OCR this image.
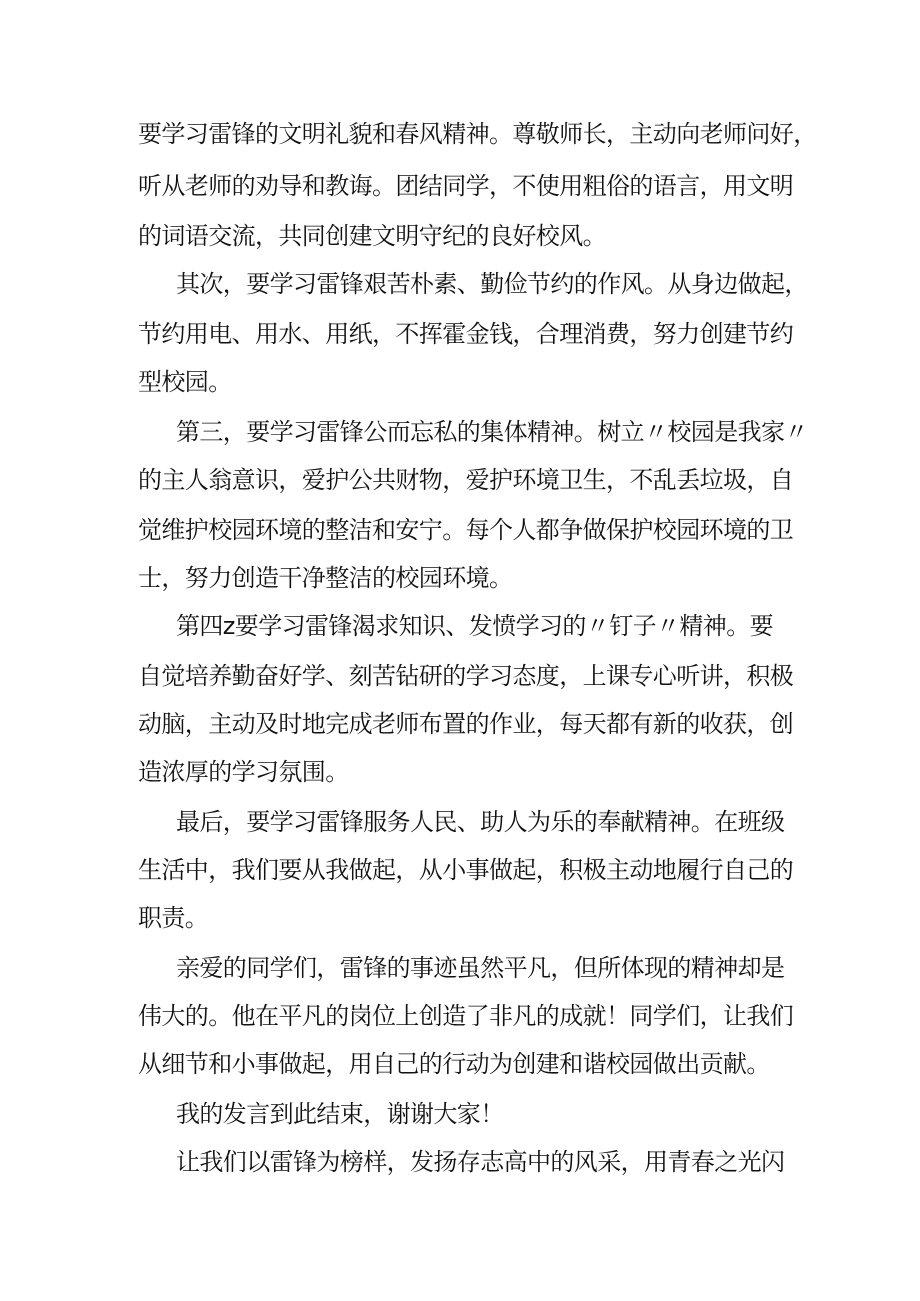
要学习雷锋的文明礼貌和春风精神。尊敬师长，主动向老师问好，
听从老师的劝导和教诲。团结同学，不使用粗俗的语言，用文明
的词语交流，共同创建文明守纪的良好校风。
其次，要学习雷锋艰苦朴素、勤俭节约的作风。从身边做起，
节约用电、用水、用纸，不挥霍金钱，合理消费，努力创建节约
型校园。
第三，要学习雷锋公而忘私的集体精神。树立〃校园是我家〃
的主人翁意识，爱护公共财物，爱护环境卫生，不乱丢垃圾，自
觉维护校园环境的整洁和安宁。每个人都争做保护校园环境的卫
士，努力创造干净整洁的校园环境。
第四z要学习雷锋渴求知识、发愤学习的〃钉子〃精神。要
自觉培养勤奋好学、刻苦钻研的学习态度，上课专心听讲，积极
动脑，主动及时地完成老师布置的作业，每天都有新的收获，创
造浓厚的学习氛围。
最后，要学习雷锋服务人民、助人为乐的奉献精神。在班级
生活中，我们要从我做起，从小事做起，积极主动地履行自己的
职责。
亲爱的同学们，雷锋的事迹虽然平凡，但所体现的精神却是
伟大的。他在平凡的岗位上创造了非凡的成就！同学们，让我们
从细节和小事做起，用自己的行动为创建和谐校园做出贡献。
我的发言到此结束，谢谢大家！
让我们以雷锋为榜样，发扬存志高中的风采，用青春之光闪
